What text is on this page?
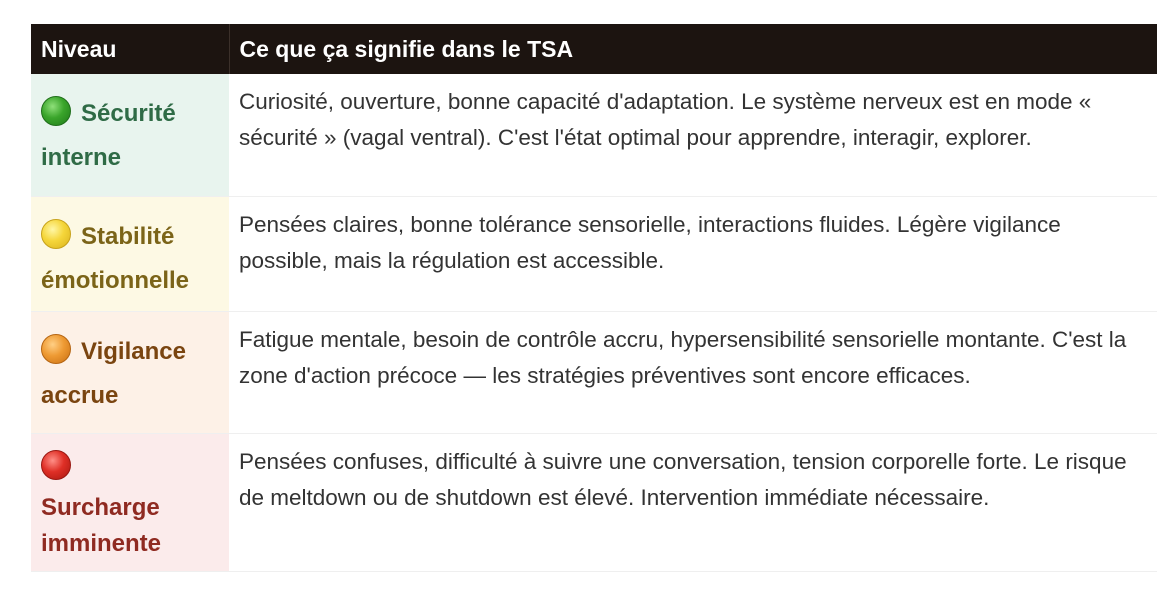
Niveau	Ce que ça signifie dans le TSA
Sécurité
interne	Curiosité, ouverture, bonne capacité d'adaptation. Le système nerveux est en mode « sécurité » (vagal ventral). C'est l'état optimal pour apprendre, interagir, explorer.
Stabilité
émotionnelle	Pensées claires, bonne tolérance sensorielle, interactions fluides. Légère vigilance possible, mais la régulation est accessible.
Vigilance
accrue	Fatigue mentale, besoin de contrôle accru, hypersensibilité sensorielle montante. C'est la zone d'action précoce — les stratégies préventives sont encore efficaces.

Surcharge
imminente	Pensées confuses, difficulté à suivre une conversation, tension corporelle forte. Le risque de meltdown ou de shutdown est élevé. Intervention immédiate nécessaire.
